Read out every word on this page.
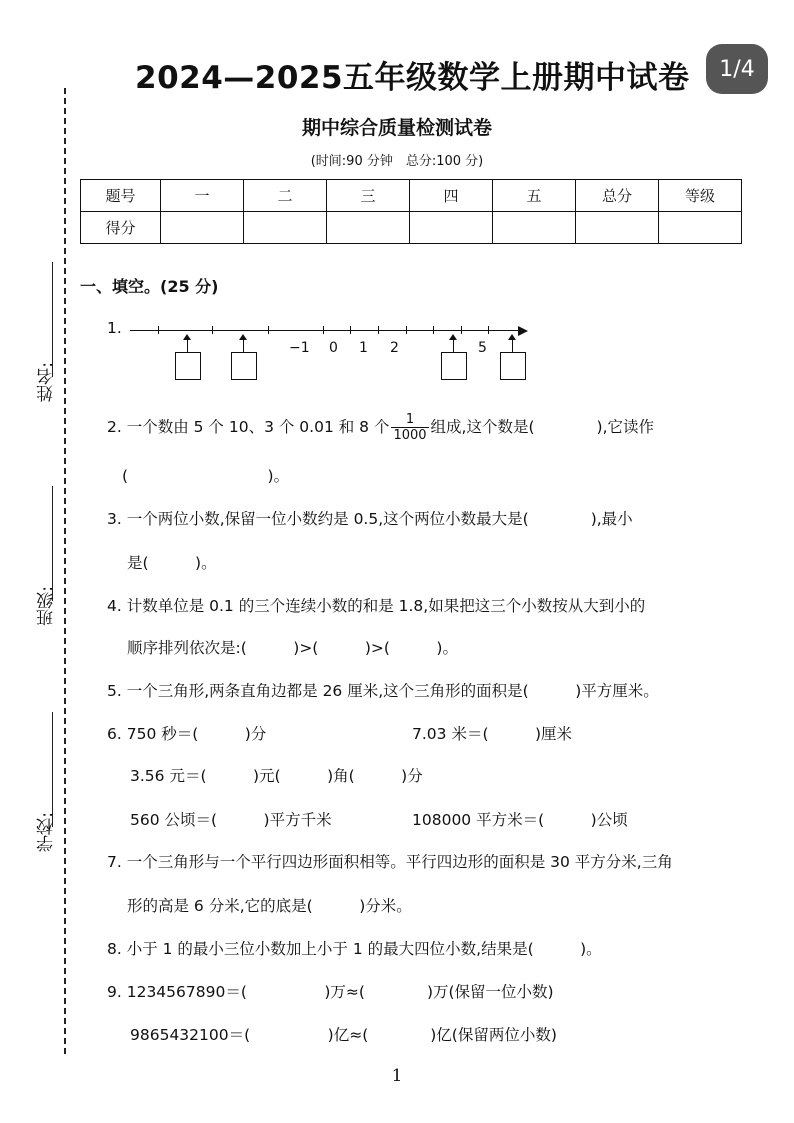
2024—2025五年级数学上册期中试卷	1/4
期中综合质量检测试卷
(时间:90 分钟　总分:100 分)
题号	一	二	三	四	五	总分	等级
得分							
姓名:
班级:
学校:
一、填空。(25 分)
1.
−1 0 1 2	5
2. 一个数由 5 个 10、3 个 0.01 和 8 个 $\frac{1}{1000}$ 组成,这个数是(　　　　),它读作
(　　　　　　　　　)。
3. 一个两位小数,保留一位小数约是 0.5,这个两位小数最大是(　　　　),最小
是(　　　)。
4. 计数单位是 0.1 的三个连续小数的和是 1.8,如果把这三个小数按从大到小的
顺序排列依次是:(　　　)>(　　　)>(　　　)。
5. 一个三角形,两条直角边都是 26 厘米,这个三角形的面积是(　　　)平方厘米。
6. 750 秒＝(　　　)分	7.03 米＝(　　　)厘米
3.56 元＝(　　　)元(　　　)角(　　　)分
560 公顷＝(　　　)平方千米	108000 平方米＝(　　　)公顷
7. 一个三角形与一个平行四边形面积相等。平行四边形的面积是 30 平方分米,三角
形的高是 6 分米,它的底是(　　　)分米。
8. 小于 1 的最小三位小数加上小于 1 的最大四位小数,结果是(　　　)。
9. 1234567890＝(　　　　　)万≈(　　　　)万(保留一位小数)
9865432100＝(　　　　　)亿≈(　　　　)亿(保留两位小数)
1
